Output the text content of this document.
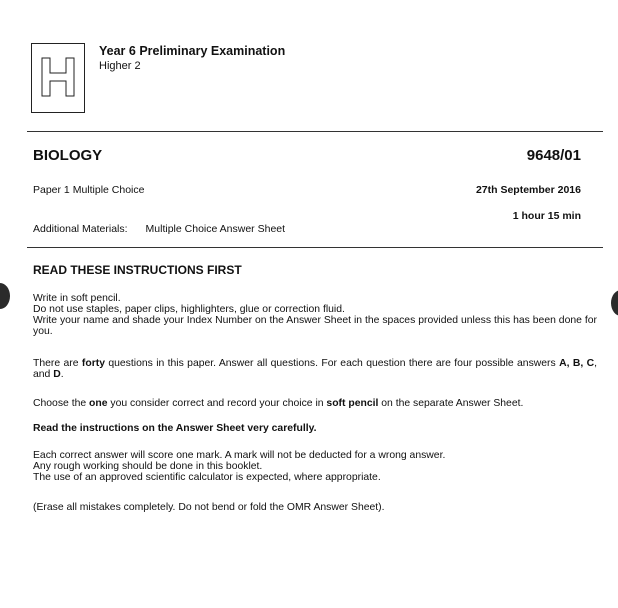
Year 6 Preliminary Examination
Higher 2
BIOLOGY	9648/01
Paper 1 Multiple Choice	27th September 2016
1 hour 15 min
Additional Materials: Multiple Choice Answer Sheet
READ THESE INSTRUCTIONS FIRST
Write in soft pencil.
Do not use staples, paper clips, highlighters, glue or correction fluid.
Write your name and shade your Index Number on the Answer Sheet in the spaces provided unless this has been done for you.
There are forty questions in this paper. Answer all questions. For each question there are four possible answers A, B, C, and D.
Choose the one you consider correct and record your choice in soft pencil on the separate Answer Sheet.
Read the instructions on the Answer Sheet very carefully.
Each correct answer will score one mark. A mark will not be deducted for a wrong answer.
Any rough working should be done in this booklet.
The use of an approved scientific calculator is expected, where appropriate.
(Erase all mistakes completely. Do not bend or fold the OMR Answer Sheet).
